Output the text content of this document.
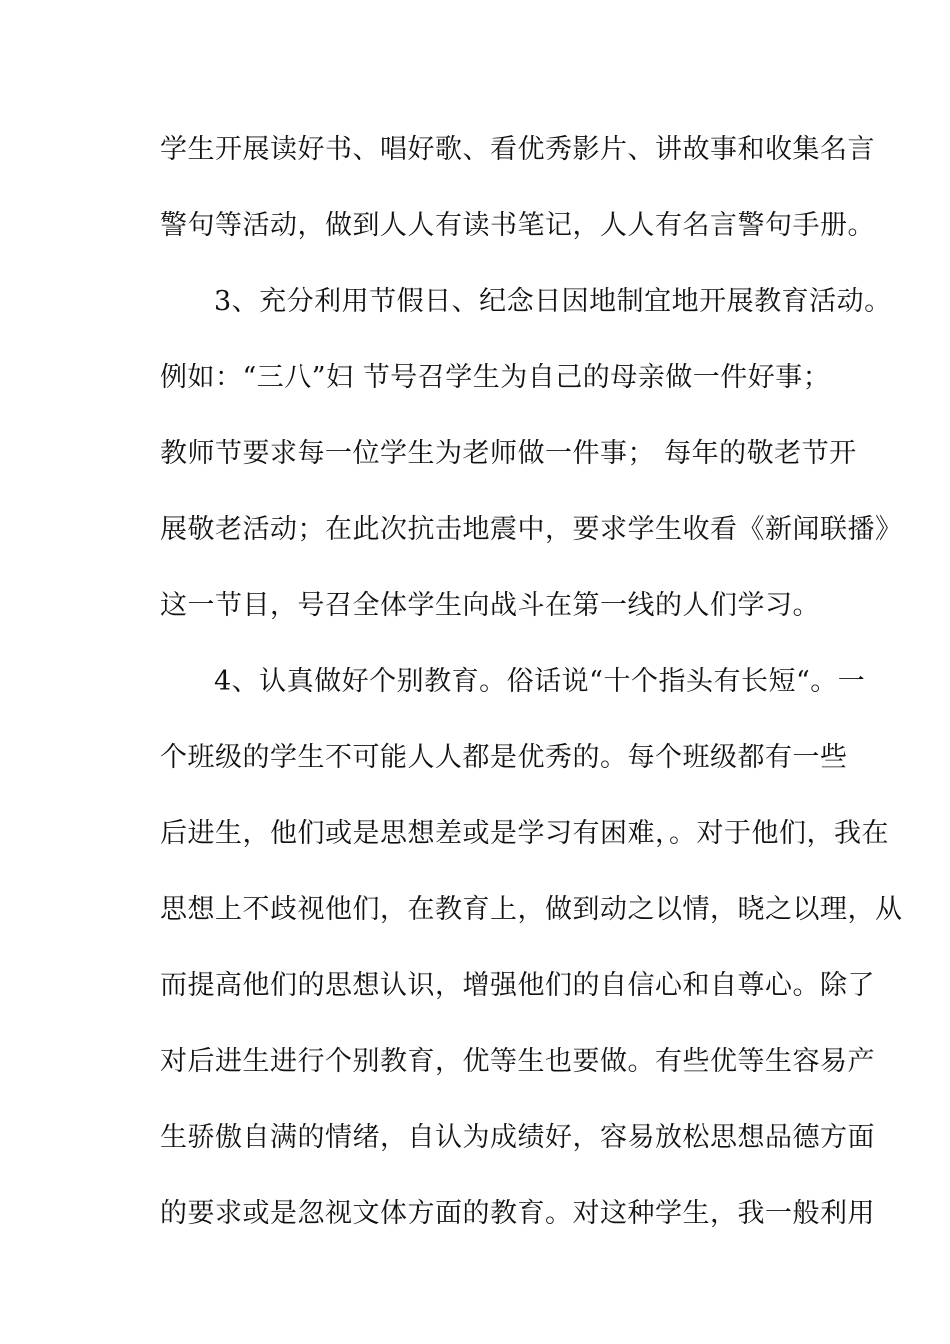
学生开展读好书、唱好歌、看优秀影片、讲故事和收集名言
警句等活动，做到人人有读书笔记，人人有名言警句手册。
3、充分利用节假日、纪念日因地制宜地开展教育活动。
例如：“三八”妇 节号召学生为自己的母亲做一件好事；
教师节要求每一位学生为老师做一件事； 每年的敬老节开
展敬老活动；在此次抗击地震中，要求学生收看《新闻联播》
这一节目，号召全体学生向战斗在第一线的人们学习。
4、认真做好个别教育。俗话说“十个指头有长短“。一
个班级的学生不可能人人都是优秀的。每个班级都有一些
后进生，他们或是思想差或是学习有困难，。对于他们，我在
思想上不歧视他们，在教育上，做到动之以情，晓之以理，从
而提高他们的思想认识，增强他们的自信心和自尊心。除了
对后进生进行个别教育，优等生也要做。有些优等生容易产
生骄傲自满的情绪，自认为成绩好，容易放松思想品德方面
的要求或是忽视文体方面的教育。对这种学生，我一般利用
